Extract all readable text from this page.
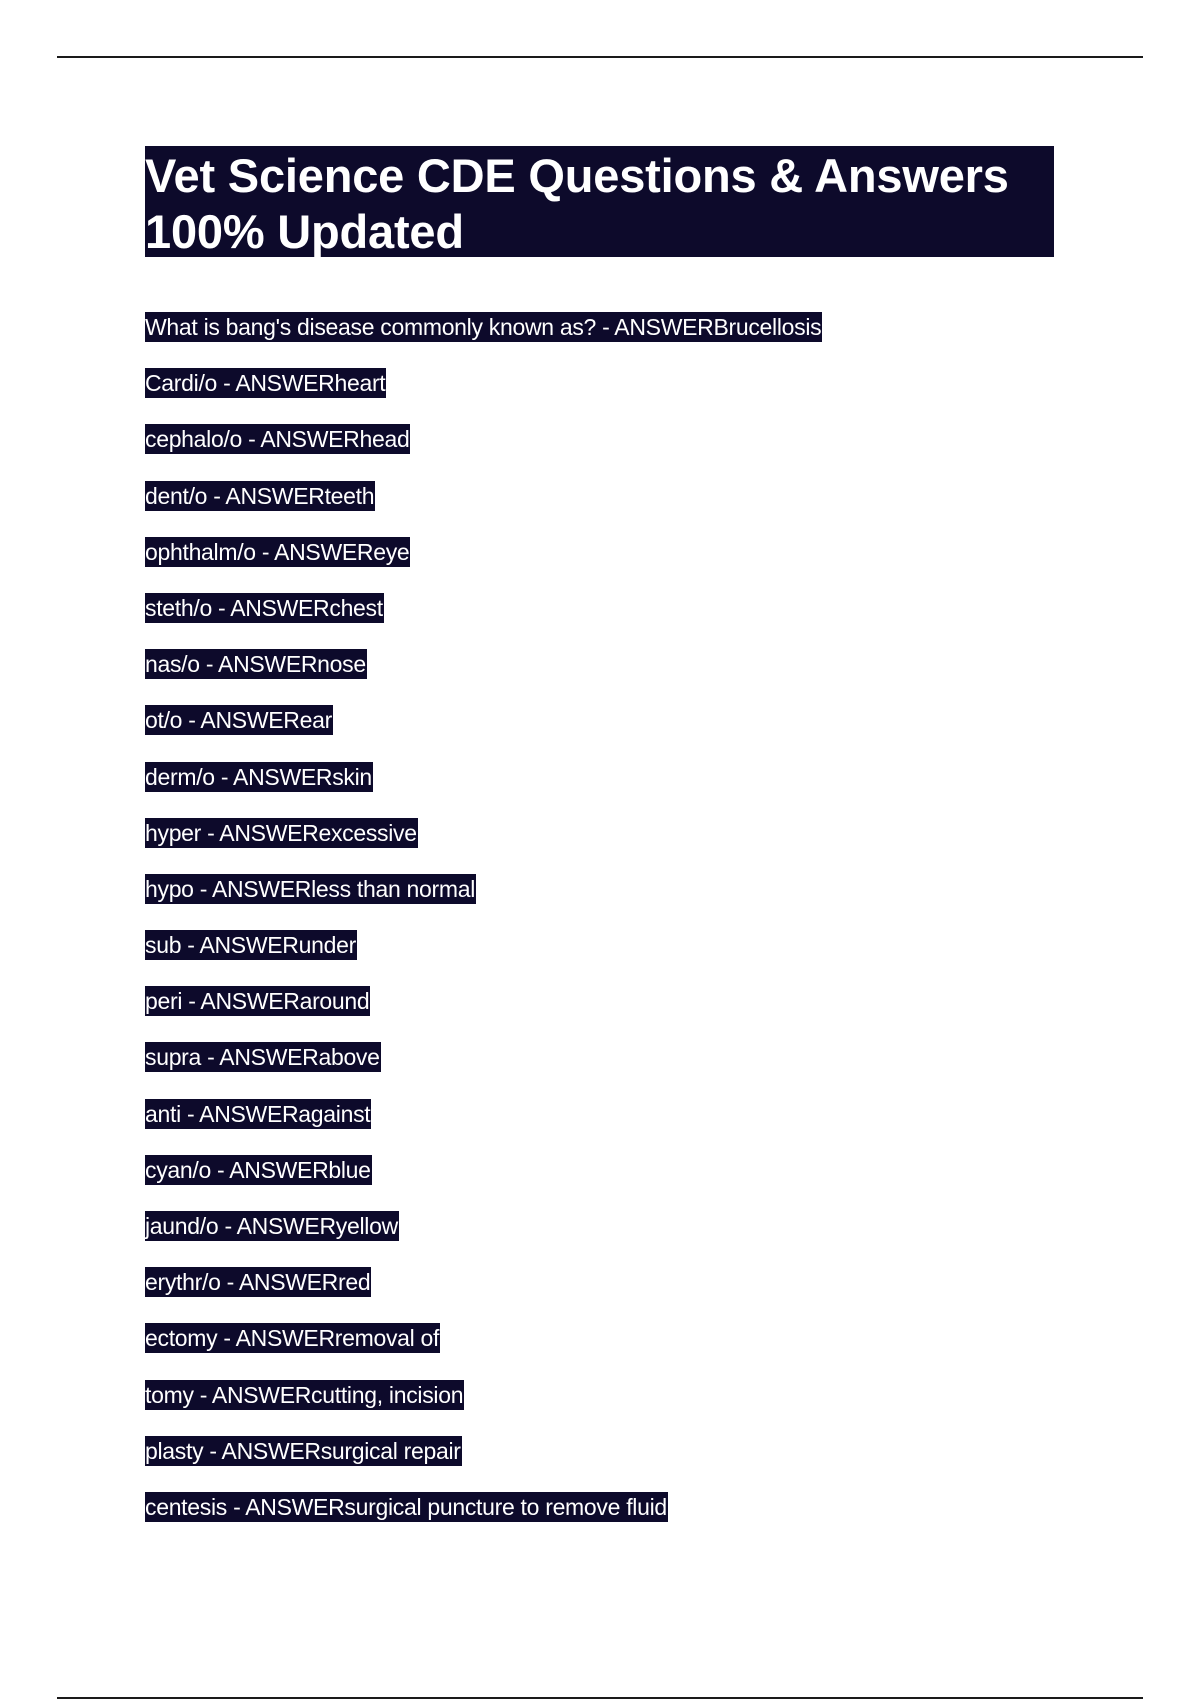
Vet Science CDE Questions & Answers
100% Updated
What is bang's disease commonly known as? - ANSWERBrucellosis
Cardi/o - ANSWERheart
cephalo/o - ANSWERhead
dent/o - ANSWERteeth
ophthalm/o - ANSWEReye
steth/o - ANSWERchest
nas/o - ANSWERnose
ot/o - ANSWERear
derm/o - ANSWERskin
hyper - ANSWERexcessive
hypo - ANSWERless than normal
sub - ANSWERunder
peri - ANSWERaround
supra - ANSWERabove
anti - ANSWERagainst
cyan/o - ANSWERblue
jaund/o - ANSWERyellow
erythr/o - ANSWERred
ectomy - ANSWERremoval of
tomy - ANSWERcutting, incision
plasty - ANSWERsurgical repair
centesis - ANSWERsurgical puncture to remove fluid
